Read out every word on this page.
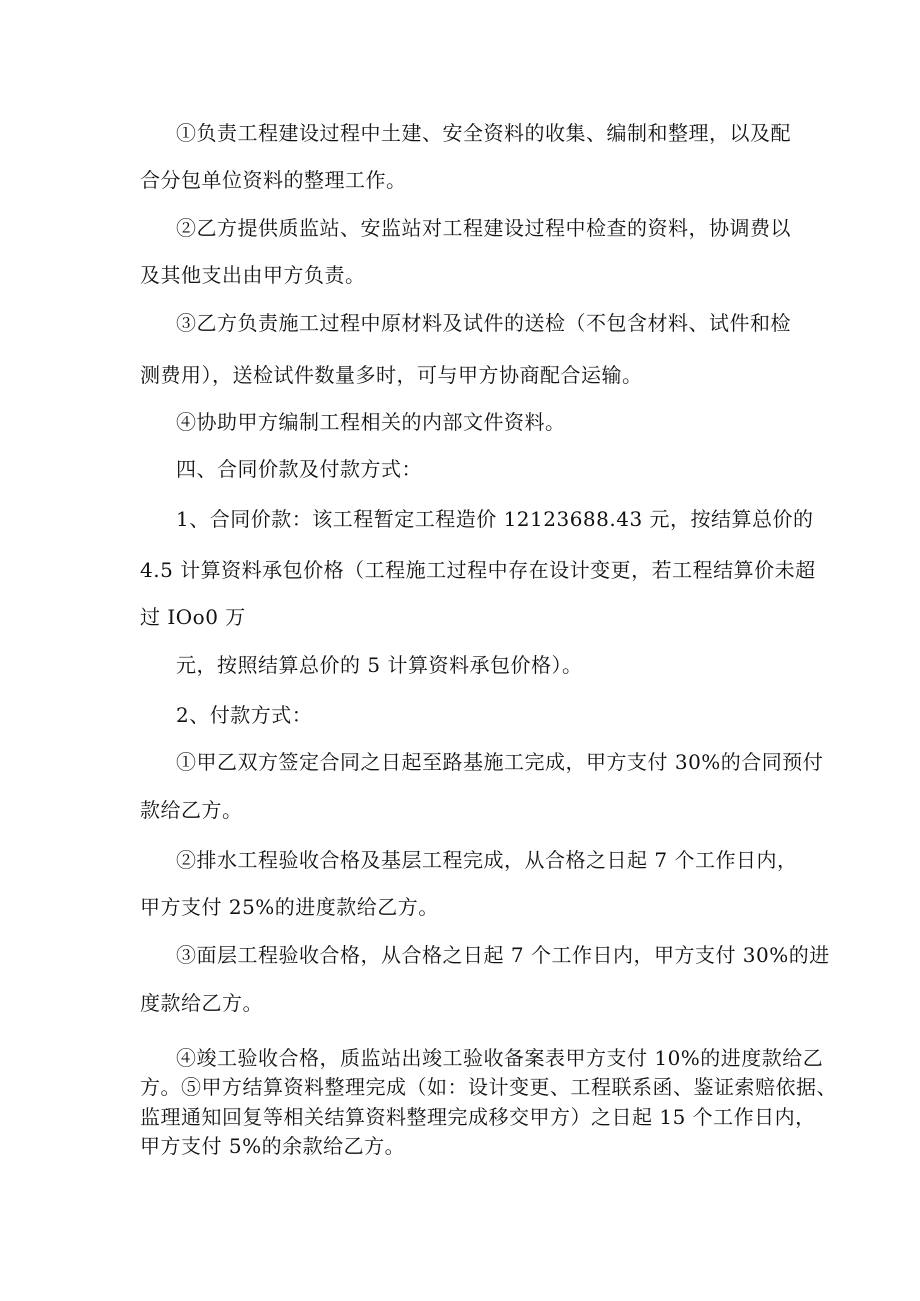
①负责工程建设过程中土建、安全资料的收集、编制和整理，以及配
合分包单位资料的整理工作。
②乙方提供质监站、安监站对工程建设过程中检查的资料，协调费以
及其他支出由甲方负责。
③乙方负责施工过程中原材料及试件的送检（不包含材料、试件和检
测费用），送检试件数量多时，可与甲方协商配合运输。
④协助甲方编制工程相关的内部文件资料。
四、合同价款及付款方式：
1、合同价款：该工程暂定工程造价 12123688.43 元，按结算总价的
4.5 计算资料承包价格（工程施工过程中存在设计变更，若工程结算价未超
过 IOo0 万
元，按照结算总价的 5 计算资料承包价格）。
2、付款方式：
①甲乙双方签定合同之日起至路基施工完成，甲方支付 30%的合同预付
款给乙方。
②排水工程验收合格及基层工程完成，从合格之日起 7 个工作日内，
甲方支付 25%的进度款给乙方。
③面层工程验收合格，从合格之日起 7 个工作日内，甲方支付 30%的进
度款给乙方。
④竣工验收合格，质监站出竣工验收备案表甲方支付 10%的进度款给乙
方。⑤甲方结算资料整理完成（如：设计变更、工程联系函、鉴证索赔依据、
监理通知回复等相关结算资料整理完成移交甲方）之日起 15 个工作日内，
甲方支付 5%的余款给乙方。
